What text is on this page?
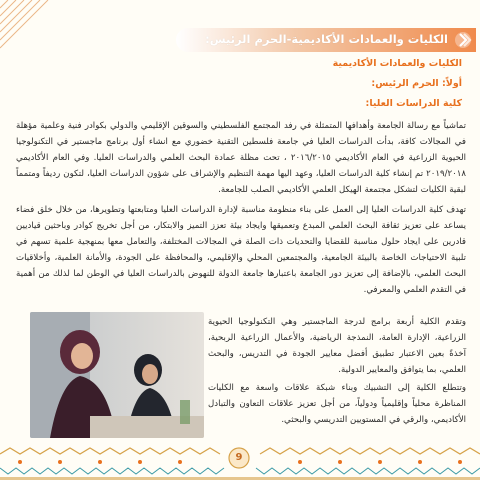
الكليات والعمادات الأكاديمية-الحرم الرئيس:
الكليات والعمادات الأكاديمية
أولاً: الحرم الرئيس:
كلية الدراسات العليا:
تماشياً مع رسالة الجامعة وأهدافها المتمثلة في رفد المجتمع الفلسطيني والسوقين الإقليمي والدولي بكوادر فنية وعلمية مؤهلة في المجالات كافة، بدأت الدراسات العليا في جامعة فلسطين التقنية خضوري مع انشاء أول برنامج ماجستير في التكنولوجيا الحيوية الزراعية في العام الأكاديمي ٢٠١٦/٢٠١٥ ، تحت مظلة عمادة البحث العلمي والدراسات العليا. وفي العام الأكاديمي ٢٠١٩/٢٠١٨ تم إنشاء كلية الدراسات العليا، وعهد اليها مهمة التنظيم والإشراف على شؤون الدراسات العليا، لتكون رديفاً ومتمماً لبقية الكليات لتشكل مجتمعة الهيكل العلمي الأكاديمي الصلب للجامعة.
تهدف كلية الدراسات العليا إلى العمل على بناء منظومة مناسبة لإدارة الدراسات العليا ومتابعتها وتطويرها، من خلال خلق فضاء يساعد على تعزيز ثقافة البحث العلمي المبدع وتعميقها وايجاد بيئة تعزز التميز والابتكار، من أجل تخريج كوادر وباحثين قياديين قادرين على ايجاد حلول مناسبة للقضايا والتحديات ذات الصلة في المجالات المختلفة، والتعامل معها بمنهجية علمية تسهم في تلبية الاحتياجات الخاصة بالبيئة الجامعية، والمجتمعين المحلي والإقليمي، والمحافظة على الجودة، والأمانة العلمية، وأخلاقيات البحث العلمي، بالإضافة إلى تعزيز دور الجامعة باعتبارها جامعة الدولة للنهوض بالدراسات العليا في الوطن لما لذلك من أهمية في التقدم العلمي والمعرفي.
وتقدم الكلية أربعة برامج لدرجة الماجستير وهي التكنولوجيا الحيوية الزراعية، الإدارة العامة، النمذجة الرياضية، والأعمال الزراعية الربحية، آخذةً بعين الاعتبار تطبيق أفضل معايير الجودة في التدريس، والبحث العلمي، بما يتوافق والمعايير الدولية.
وتتطلع الكلية إلى التشبيك وبناء شبكة علاقات واسعة مع الكليات المناظرة محلياً وإقليمياً ودولياً، من أجل تعزيز علاقات التعاون والتبادل الأكاديمي، والرقي في المستويين التدريسي والبحثي.
9
